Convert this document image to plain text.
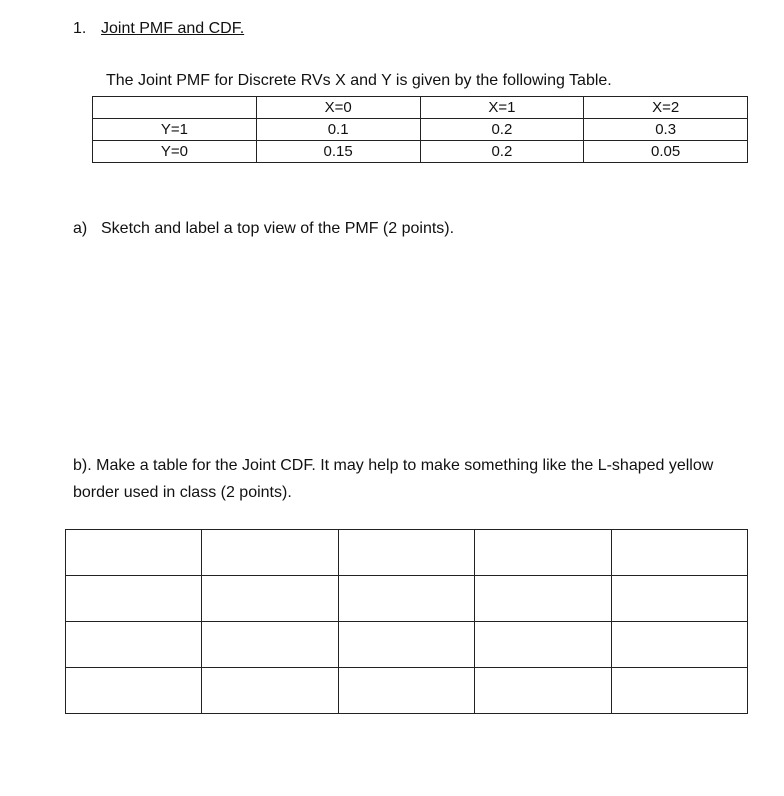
1. Joint PMF and CDF.
The Joint PMF for Discrete RVs X and Y is given by the following Table.
	X=0	X=1	X=2
Y=1	0.1	0.2	0.3
Y=0	0.15	0.2	0.05
a) Sketch and label a top view of the PMF (2 points).
b). Make a table for the Joint CDF. It may help to make something like the L-shaped yellow border used in class (2 points).
